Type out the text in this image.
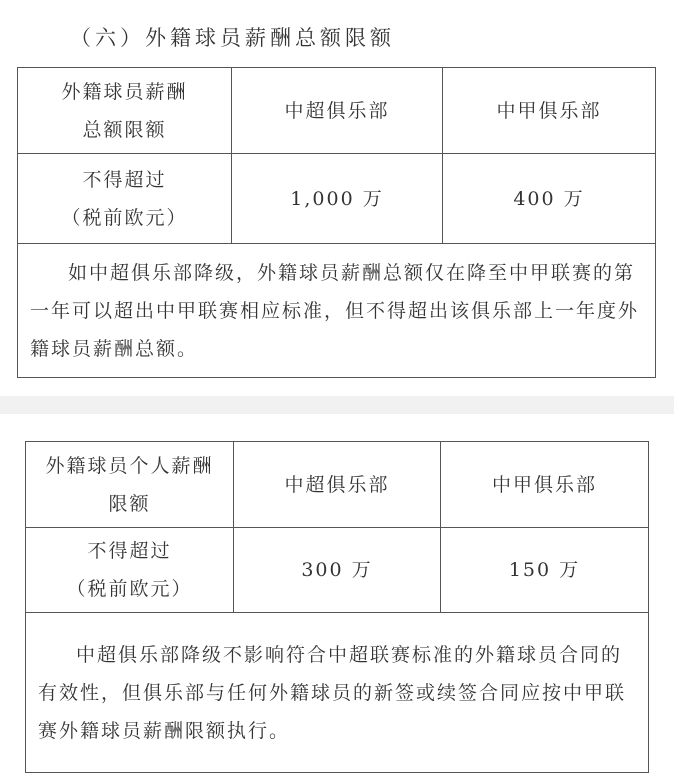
（六）外籍球员薪酬总额限额
外籍球员薪酬
总额限额	中超俱乐部	中甲俱乐部
不得超过
（税前欧元）	1,000 万	400 万
如中超俱乐部降级，外籍球员薪酬总额仅在降至中甲联赛的第一年可以超出中甲联赛相应标准，但不得超出该俱乐部上一年度外籍球员薪酬总额。		
外籍球员个人薪酬
限额	中超俱乐部	中甲俱乐部
不得超过
（税前欧元）	300 万	150 万
中超俱乐部降级不影响符合中超联赛标准的外籍球员合同的有效性，但俱乐部与任何外籍球员的新签或续签合同应按中甲联赛外籍球员薪酬限额执行。		
